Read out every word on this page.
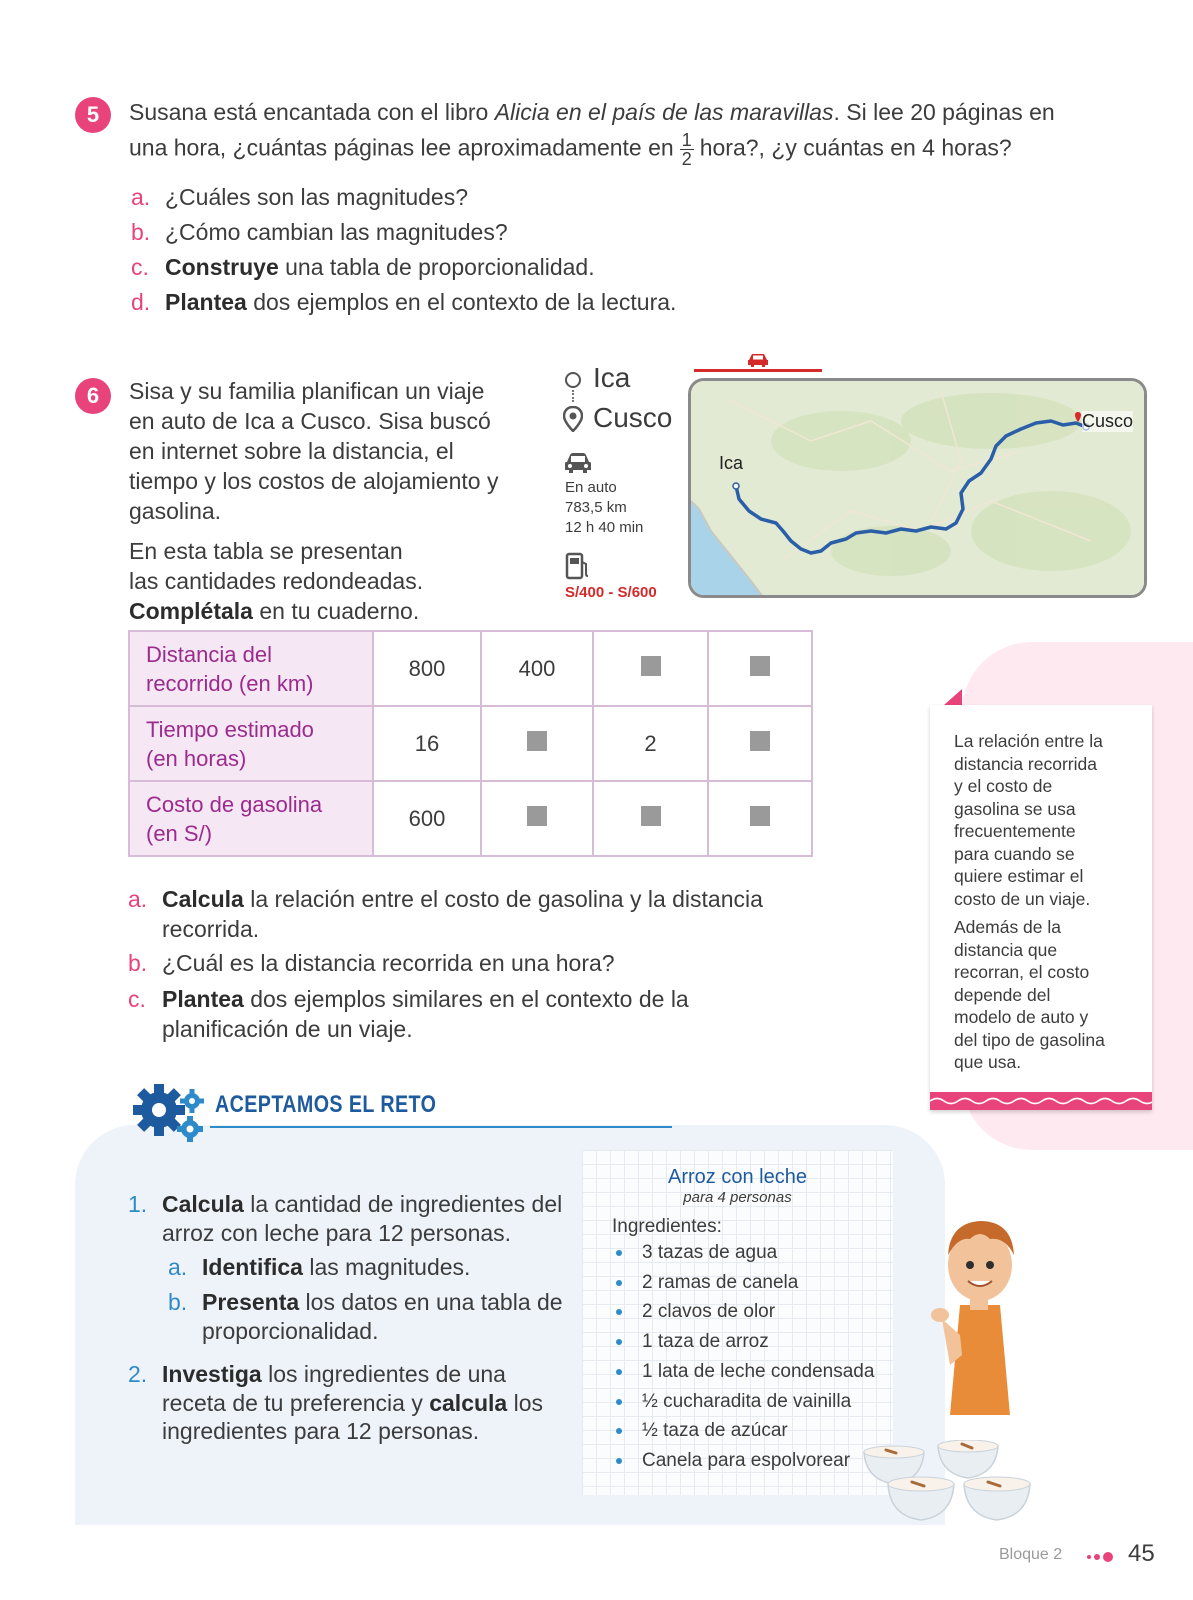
5	Susana está encantada con el libro Alicia en el país de las maravillas. Si lee 20 páginas en
una hora, ¿cuántas páginas lee aproximadamente en $\frac{1}{2}$ hora?, ¿y cuántas en 4 horas?
a. ¿Cuáles son las magnitudes?
b. ¿Cómo cambian las magnitudes?
c. Construye una tabla de proporcionalidad.
d. Plantea dos ejemplos en el contexto de la lectura.
6	Sisa y su familia planifican un viaje
en auto de Ica a Cusco. Sisa buscó
en internet sobre la distancia, el
tiempo y los costos de alojamiento y
gasolina.
En esta tabla se presentan
las cantidades redondeadas.
Complétala en tu cuaderno.
Ica
Cusco
En auto
783,5 km
12 h 40 min
S/400 - S/600
Ica
Cusco
Distancia del
recorrido (en km)	800	400		

Tiempo estimado
(en horas)	16		2	

Costo de gasolina
(en S/)	600			
a. Calcula la relación entre el costo de gasolina y la distancia
recorrida.
b. ¿Cuál es la distancia recorrida en una hora?
c. Plantea dos ejemplos similares en el contexto de la
planificación de un viaje.

La relación entre la
distancia recorrida
y el costo de
gasolina se usa
frecuentemente
para cuando se
quiere estimar el
costo de un viaje.

Además de la
distancia que
recorran, el costo
depende del
modelo de auto y
del tipo de gasolina
que usa.

ACEPTAMOS EL RETO
1. Calcula la cantidad de ingredientes del
arroz con leche para 12 personas.
a. Identifica las magnitudes.
b. Presenta los datos en una tabla de
proporcionalidad.
2. Investiga los ingredientes de una
receta de tu preferencia y calcula los
ingredientes para 12 personas.
Arroz con leche
para 4 personas
Ingredientes:
3 tazas de agua
2 ramas de canela
2 clavos de olor
1 taza de arroz
1 lata de leche condensada
½ cucharadita de vainilla
½ taza de azúcar
Canela para espolvorear
Bloque 2	45
